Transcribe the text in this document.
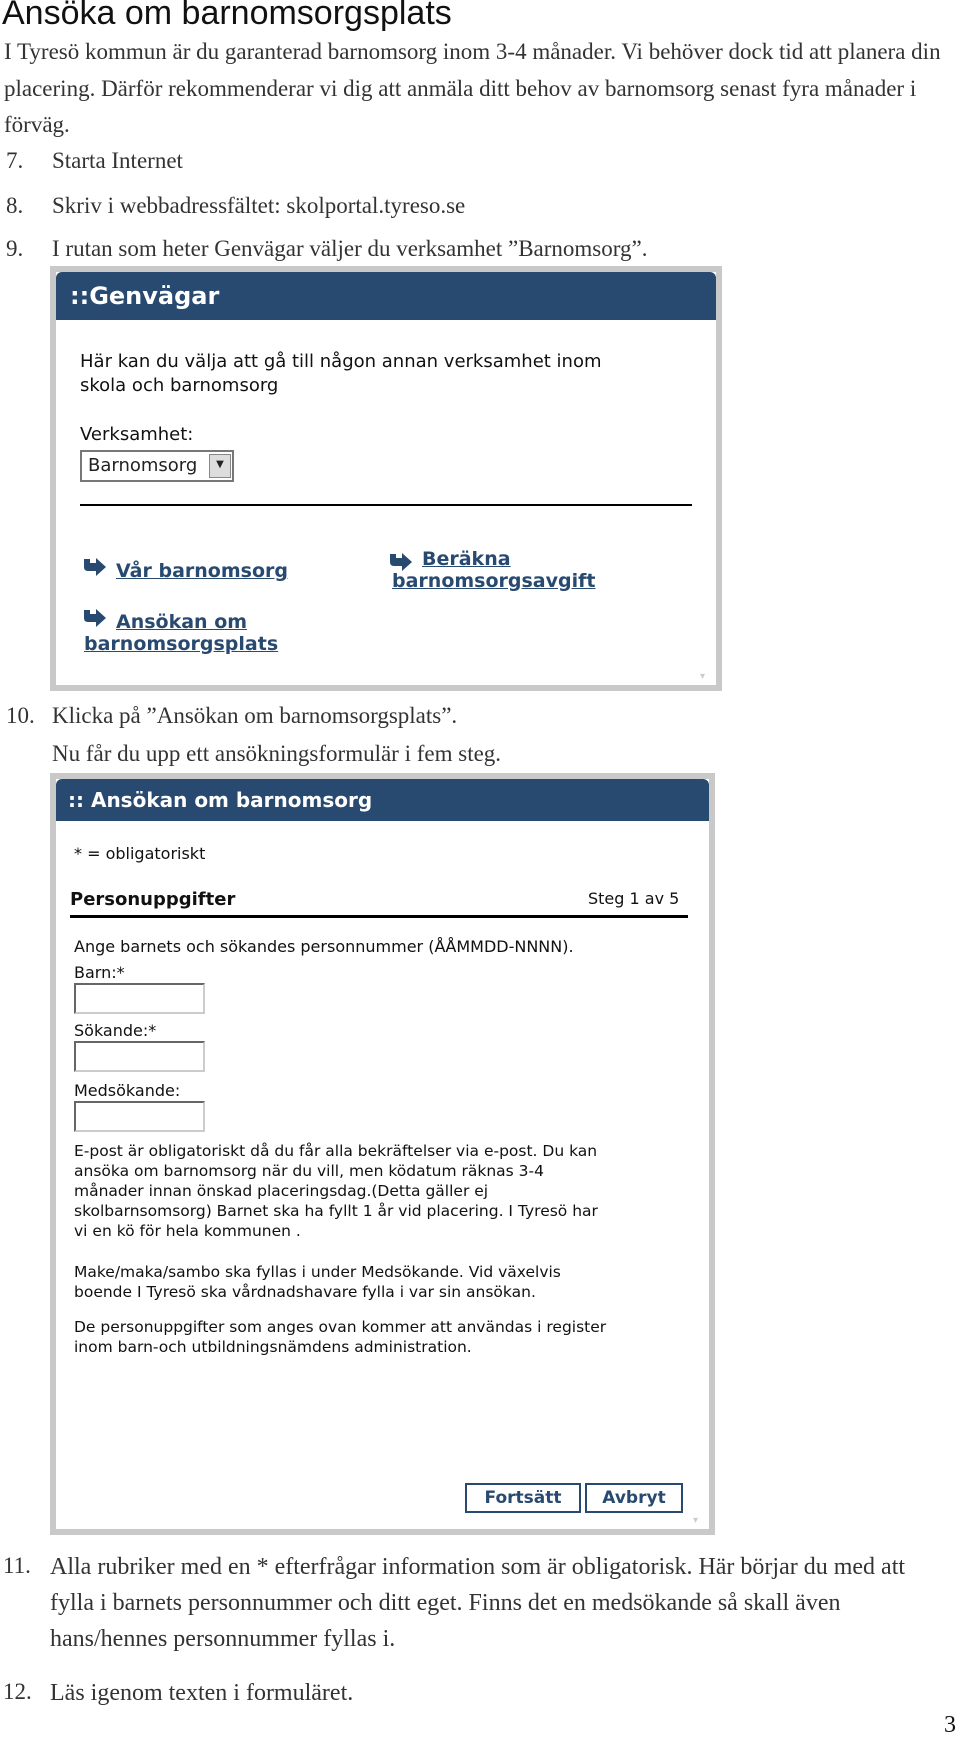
Ansöka om barnomsorgsplats
I Tyresö kommun är du garanterad barnomsorg inom 3-4 månader. Vi behöver dock tid att planera din placering. Därför rekommenderar vi dig att anmäla ditt behov av barnomsorg senast fyra månader i förväg.
7. Starta Internet
8. Skriv i webbadressfältet: skolportal.tyreso.se
9. I rutan som heter Genvägar väljer du verksamhet ”Barnomsorg”.
::Genvägar
Här kan du välja att gå till någon annan verksamhet inom
skola och barnomsorg
Verksamhet:
Barnomsorg	▼
Vår barnomsorg
Beräkna
barnomsorgsavgift
Ansökan om
barnomsorgsplats
▾
10. Klicka på ”Ansökan om barnomsorgsplats”.
Nu får du upp ett ansökningsformulär i fem steg.
:: Ansökan om barnomsorg
* = obligatoriskt
Personuppgifter	Steg 1 av 5
Ange barnets och sökandes personnummer (ÅÅMMDD-NNNN).
Barn:*
Sökande:*
Medsökande:
E-post är obligatoriskt då du får alla bekräftelser via e-post. Du kan
ansöka om barnomsorg när du vill, men ködatum räknas 3-4
månader innan önskad placeringsdag.(Detta gäller ej
skolbarnsomsorg) Barnet ska ha fyllt 1 år vid placering. I Tyresö har
vi en kö för hela kommunen .
Make/maka/sambo ska fyllas i under Medsökande. Vid växelvis
boende I Tyresö ska vårdnadshavare fylla i var sin ansökan.
De personuppgifter som anges ovan kommer att användas i register
inom barn-och utbildningsnämdens administration.
Fortsätt	Avbryt
▾
11. Alla rubriker med en * efterfrågar information som är obligatorisk. Här börjar du med att fylla i barnets personnummer och ditt eget. Finns det en medsökande så skall även hans/hennes personnummer fyllas i.
12. Läs igenom texten i formuläret.
3
